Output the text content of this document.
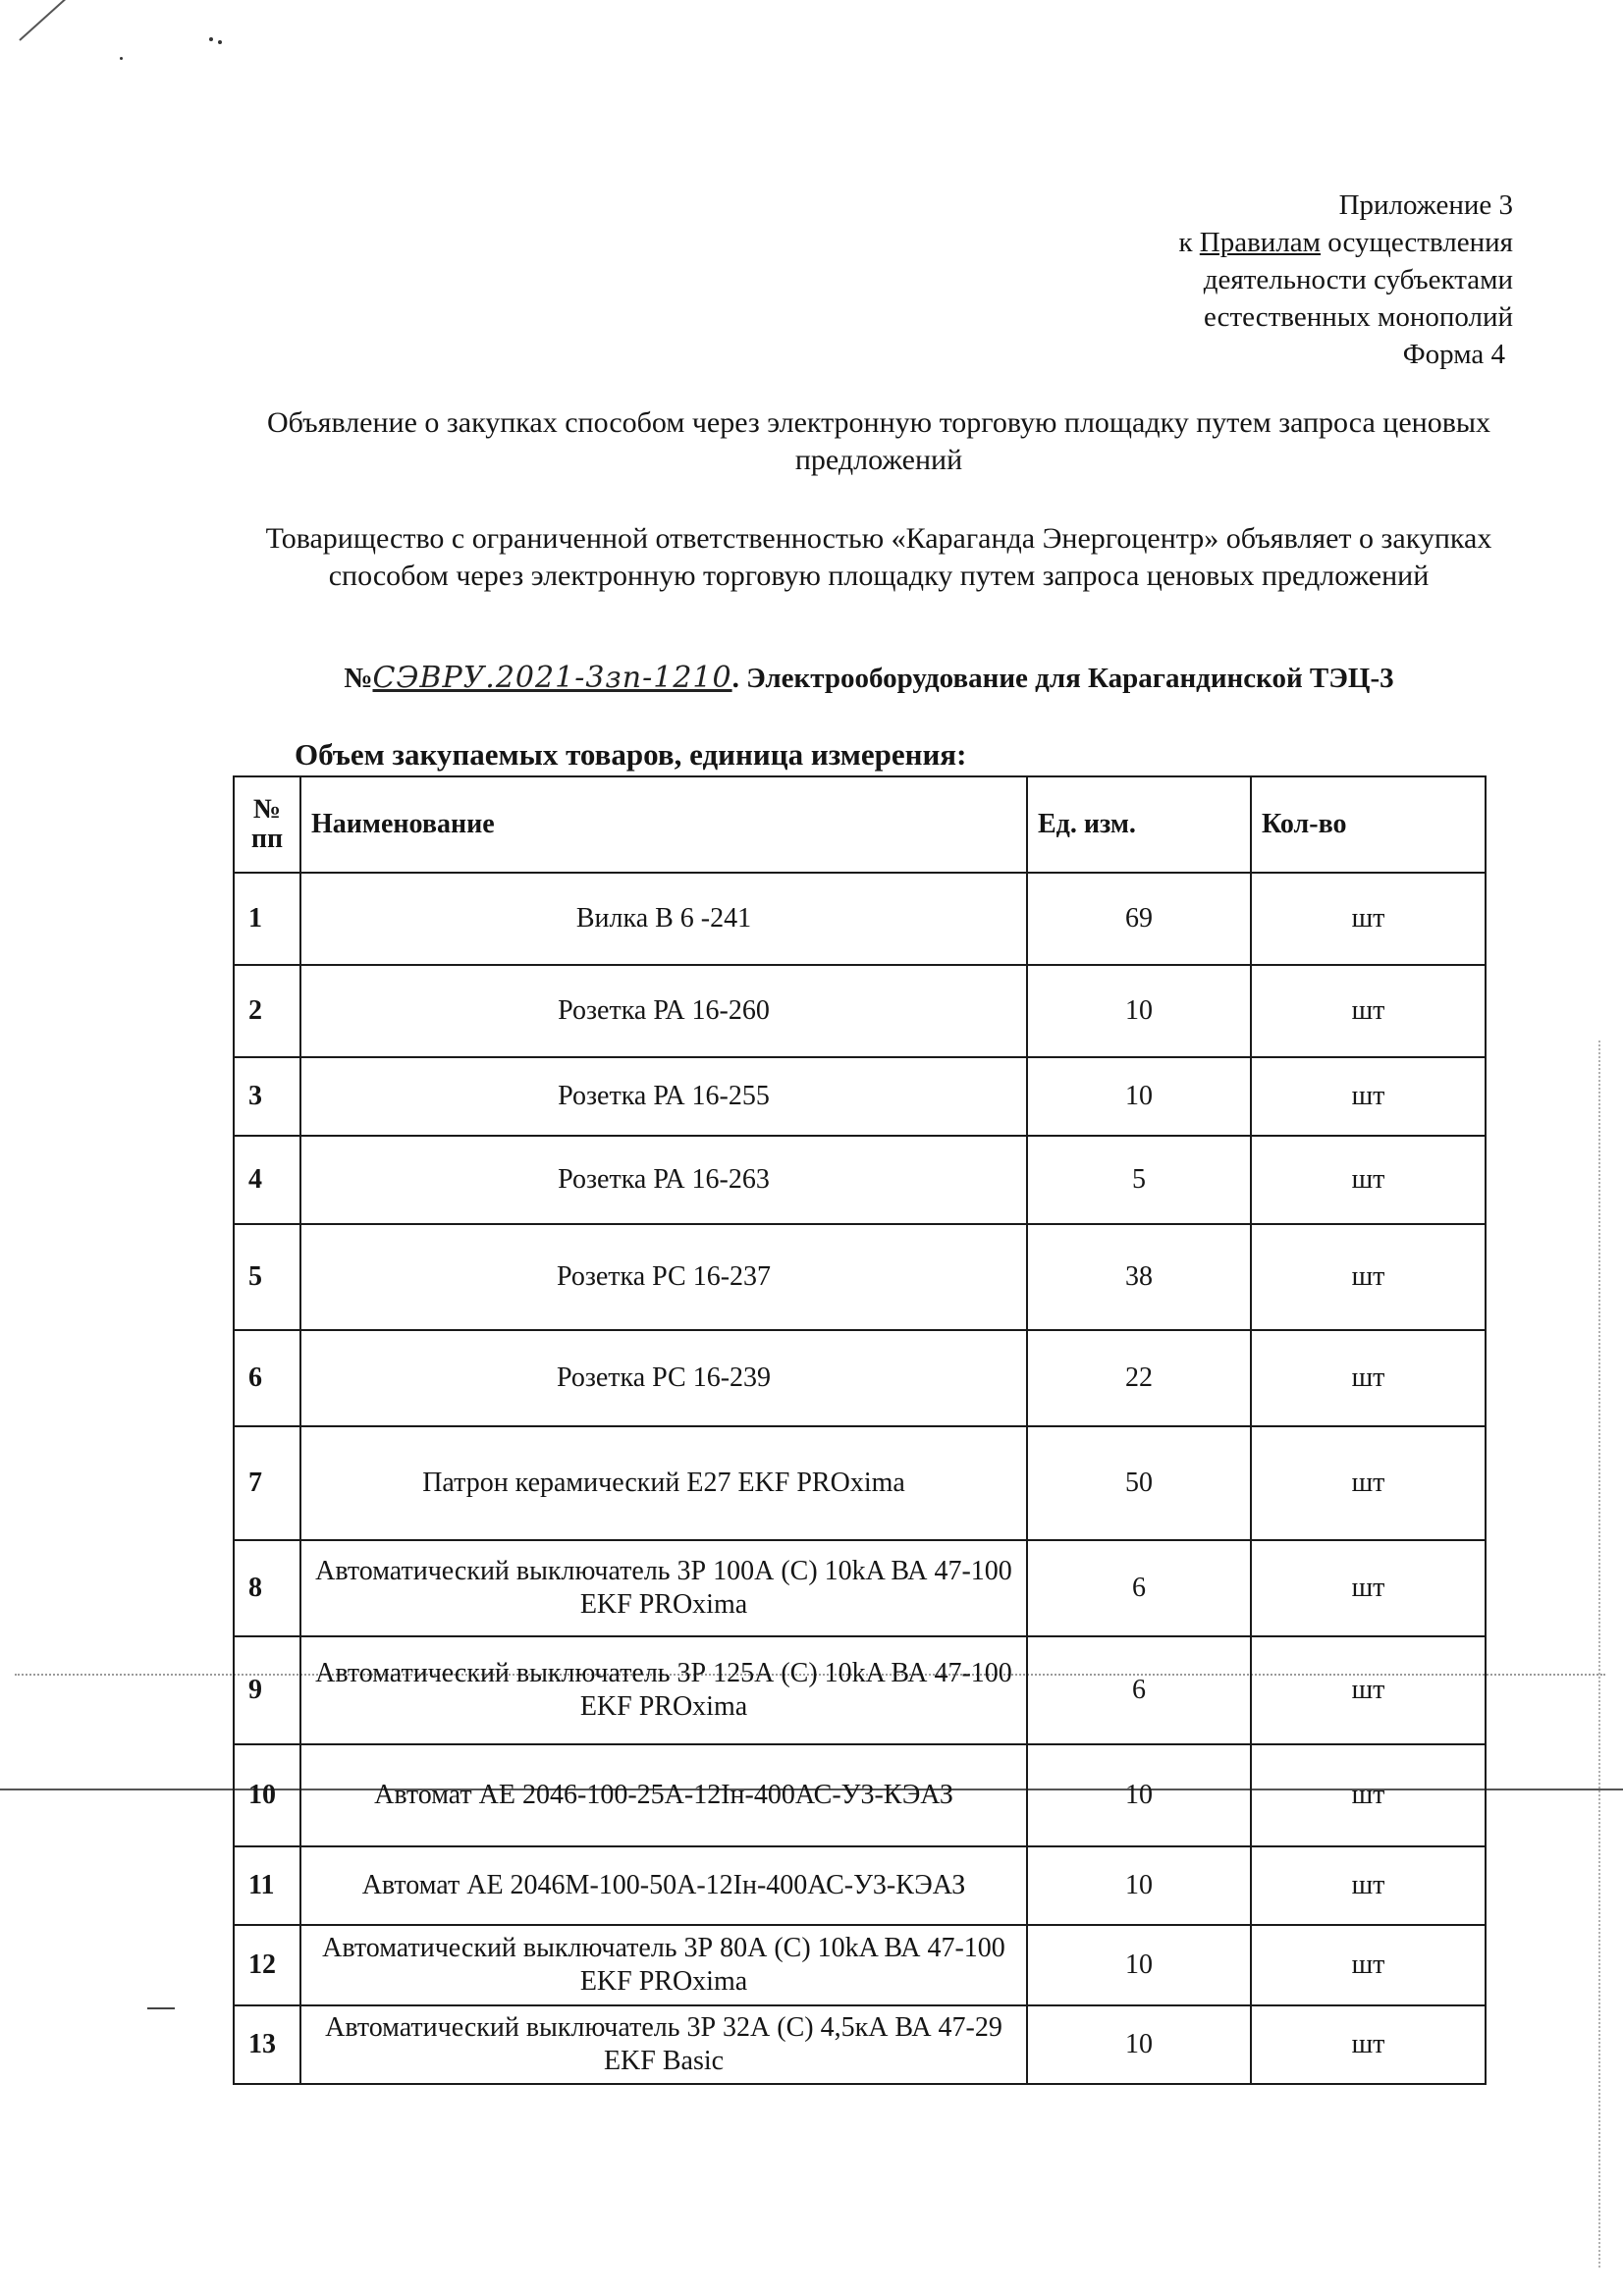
Приложение 3
к Правилам осуществления
деятельности субъектами
естественных монополий
Форма 4
Объявление о закупках способом через электронную торговую площадку путем запроса ценовых предложений
Товарищество с ограниченной ответственностью «Караганда Энергоцентр» объявляет о закупках способом через электронную торговую площадку путем запроса ценовых предложений
№СЭВРУ.2021-3зп-1210. Электрооборудование для Карагандинской ТЭЦ-3
Объем закупаемых товаров, единица измерения:
№ пп	Наименование	Ед. изм.	Кол-во
1	Вилка В 6 -241	69	шт
2	Розетка РА 16-260	10	шт
3	Розетка РА 16-255	10	шт
4	Розетка РА 16-263	5	шт
5	Розетка РС 16-237	38	шт
6	Розетка РС 16-239	22	шт
7	Патрон керамический Е27 EKF PROxima	50	шт
8	Автоматический выключатель 3Р 100А (С) 10kA ВА 47-100 EKF PROxima	6	шт
9	Автоматический выключатель 3Р 125А (С) 10kA ВА 47-100 EKF PROxima	6	шт
10	Автомат АЕ 2046-100-25А-12Iн-400АС-У3-КЭАЗ	10	шт
11	Автомат АЕ 2046М-100-50А-12Iн-400АС-У3-КЭАЗ	10	шт
12	Автоматический выключатель 3Р 80А (С) 10kA ВА 47-100 EKF PROxima	10	шт
13	Автоматический выключатель 3Р 32А (С) 4,5кА ВА 47-29 EKF Basic	10	шт
